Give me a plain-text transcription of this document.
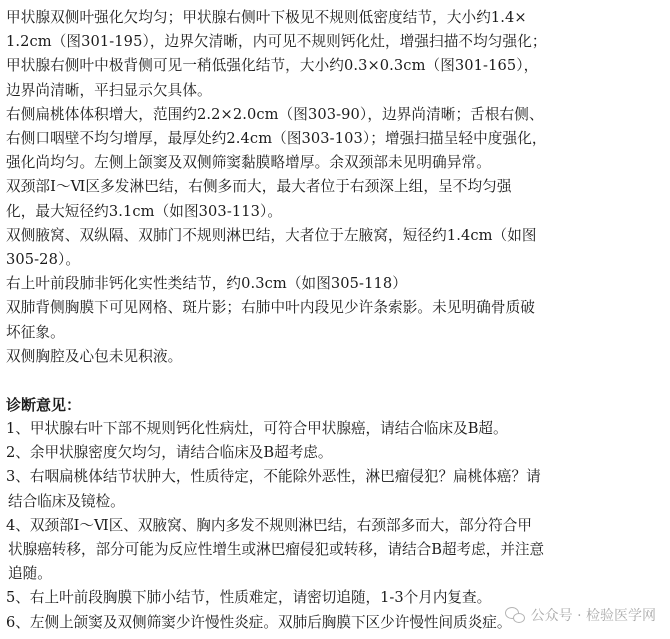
甲状腺双侧叶强化欠均匀；甲状腺右侧叶下极见不规则低密度结节，大小约1.4×
1.2cm（图301-195），边界欠清晰，内可见不规则钙化灶，增强扫描不均匀强化；

甲状腺右侧叶中极背侧可见一稍低强化结节，大小约0.3×0.3cm（图301-165），
边界尚清晰，平扫显示欠具体。

右侧扁桃体体积增大，范围约2.2×2.0cm（图303-90），边界尚清晰；舌根右侧、
右侧口咽壁不均匀增厚，最厚处约2.4cm（图303-103）；增强扫描呈轻中度强化，
强化尚均匀。左侧上颌窦及双侧筛窦黏膜略增厚。余双颈部未见明确异常。

双颈部Ⅰ～Ⅵ区多发淋巴结，右侧多而大，最大者位于右颈深上组，呈不均匀强
化，最大短径约3.1cm（如图303-113）。

双侧腋窝、双纵隔、双肺门不规则淋巴结，大者位于左腋窝，短径约1.4cm（如图
305-28）。

右上叶前段肺非钙化实性类结节，约0.3cm（如图305-118）

双肺背侧胸膜下可见网格、斑片影；右肺中叶内段见少许条索影。未见明确骨质破
坏征象。

双侧胸腔及心包未见积液。

诊断意见：

1、甲状腺右叶下部不规则钙化性病灶，可符合甲状腺癌，请结合临床及B超。

2、余甲状腺密度欠均匀，请结合临床及B超考虑。

3、右咽扁桃体结节状肿大，性质待定，不能除外恶性，淋巴瘤侵犯？扁桃体癌？请
结合临床及镜检。

4、双颈部Ⅰ～Ⅵ区、双腋窝、胸内多发不规则淋巴结，右颈部多而大，部分符合甲
状腺癌转移，部分可能为反应性增生或淋巴瘤侵犯或转移，请结合B超考虑，并注意
追随。

5、右上叶前段胸膜下肺小结节，性质难定，请密切追随，1-3个月内复查。

6、左侧上颌窦及双侧筛窦少许慢性炎症。双肺后胸膜下区少许慢性间质炎症。	公众号 · 检验医学网
